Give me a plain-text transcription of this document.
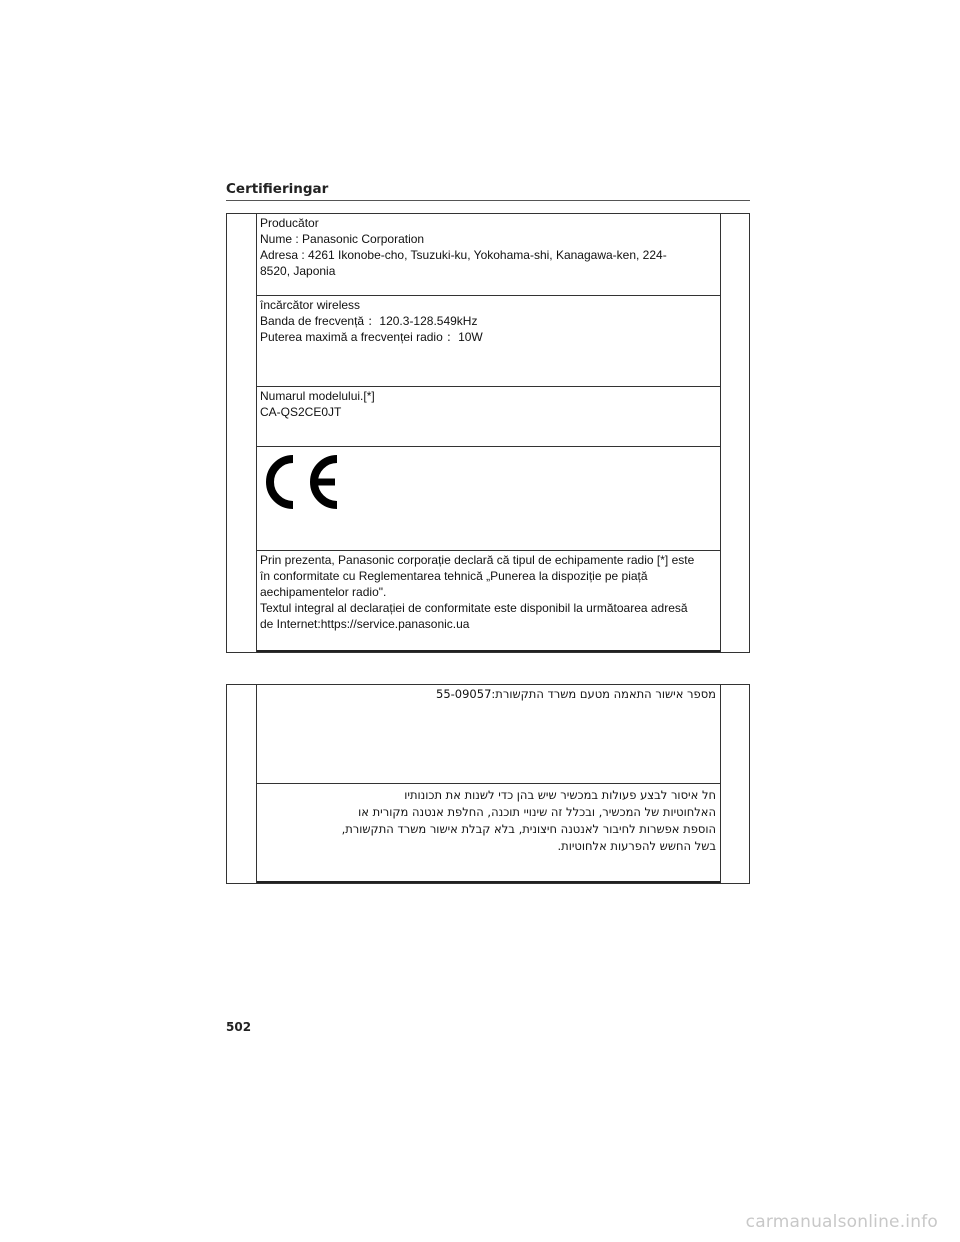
Certifieringar
Producător
Nume : Panasonic Corporation
Adresa : 4261 Ikonobe-cho, Tsuzuki-ku, Yokohama-shi, Kanagawa-ken, 224-
8520, Japonia
încărcător wireless
Banda de frecvență ：120.3-128.549kHz
Puterea maximă a frecvenței radio ：10W
Numarul modelului.[*]
CA-QS2CE0JT
Prin prezenta, Panasonic corporație declară că tipul de echipamente radio [*] este
în conformitate cu Reglementarea tehnică „Punerea la dispoziție pe piață
aechipamentelor radio".
Textul integral al declarației de conformitate este disponibil la următoarea adresă
de Internet:https://service.panasonic.ua
מספר אישור התאמה מטעם משרד התקשורת:55-09057
חל איסור לבצע פעולות במכשיר שיש בהן כדי לשנות את תכונותיו
האלחוטיות של המכשיר, ובכלל זה שינויי תוכנה, החלפת אנטנה מקורית או
הוספת אפשרות לחיבור לאנטנה חיצונית, בלא קבלת אישור משרד התקשורת,
בשל החשש להפרעות אלחוטיות.
502
carmanualsonline.info
